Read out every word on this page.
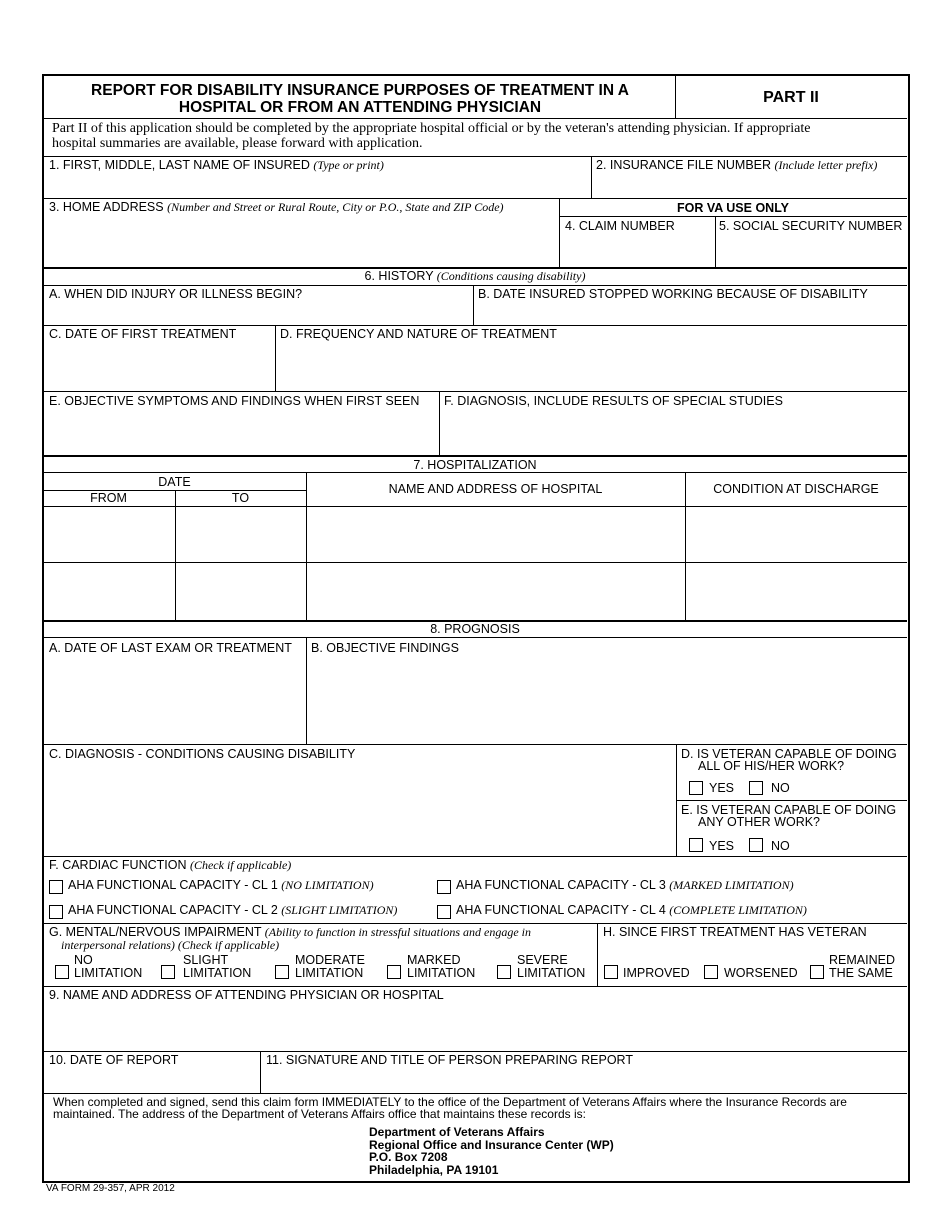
REPORT FOR DISABILITY INSURANCE PURPOSES OF TREATMENT IN A
HOSPITAL OR FROM AN ATTENDING PHYSICIAN
PART II
Part II of this application should be completed by the appropriate hospital official or by the veteran's attending physician. If appropriate
hospital summaries are available, please forward with application.
1. FIRST, MIDDLE, LAST NAME OF INSURED (Type or print)	2. INSURANCE FILE NUMBER (Include letter prefix)
3. HOME ADDRESS (Number and Street or Rural Route, City or P.O., State and ZIP Code)	FOR VA USE ONLY
4. CLAIM NUMBER	5. SOCIAL SECURITY NUMBER
6. HISTORY (Conditions causing disability)
A. WHEN DID INJURY OR ILLNESS BEGIN?	B. DATE INSURED STOPPED WORKING BECAUSE OF DISABILITY
C. DATE OF FIRST TREATMENT	D. FREQUENCY AND NATURE OF TREATMENT
E. OBJECTIVE SYMPTOMS AND FINDINGS WHEN FIRST SEEN F. DIAGNOSIS, INCLUDE RESULTS OF SPECIAL STUDIES
7. HOSPITALIZATION
DATE
FROM	TO
NAME AND ADDRESS OF HOSPITAL	CONDITION AT DISCHARGE
8. PROGNOSIS
A. DATE OF LAST EXAM OR TREATMENT B. OBJECTIVE FINDINGS
C. DIAGNOSIS - CONDITIONS CAUSING DISABILITY	D. IS VETERAN CAPABLE OF DOING
ALL OF HIS/HER WORK?
YES	NO
E. IS VETERAN CAPABLE OF DOING
ANY OTHER WORK?
YES	NO
F. CARDIAC FUNCTION (Check if applicable)
AHA FUNCTIONAL CAPACITY - CL 1 (NO LIMITATION)	AHA FUNCTIONAL CAPACITY - CL 3 (MARKED LIMITATION)
AHA FUNCTIONAL CAPACITY - CL 2 (SLIGHT LIMITATION)	AHA FUNCTIONAL CAPACITY - CL 4 (COMPLETE LIMITATION)
G. MENTAL/NERVOUS IMPAIRMENT (Ability to function in stressful situations and engage in
interpersonal relations) (Check if applicable)
NO
LIMITATION
SLIGHT
LIMITATION
MODERATE
LIMITATION
MARKED
LIMITATION
SEVERE
LIMITATION
H. SINCE FIRST TREATMENT HAS VETERAN
IMPROVED	WORSENED
REMAINED
THE SAME
9. NAME AND ADDRESS OF ATTENDING PHYSICIAN OR HOSPITAL
10. DATE OF REPORT	11. SIGNATURE AND TITLE OF PERSON PREPARING REPORT
When completed and signed, send this claim form IMMEDIATELY to the office of the Department of Veterans Affairs where the Insurance Records are
maintained. The address of the Department of Veterans Affairs office that maintains these records is:
Department of Veterans Affairs
Regional Office and Insurance Center (WP)
P.O. Box 7208
Philadelphia, PA 19101
VA FORM 29-357, APR 2012
